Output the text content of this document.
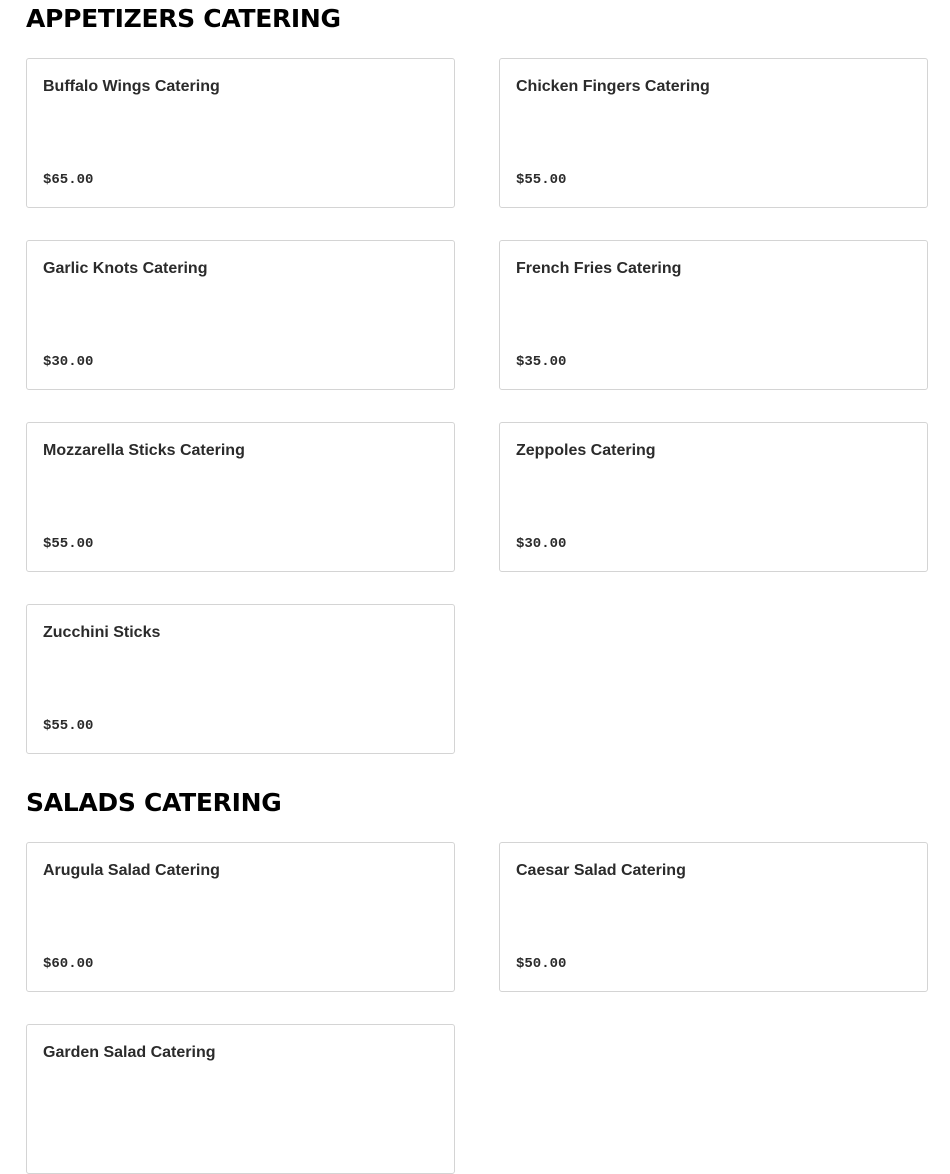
APPETIZERS CATERING
Buffalo Wings Catering
$65.00
Chicken Fingers Catering
$55.00
Garlic Knots Catering
$30.00
French Fries Catering
$35.00
Mozzarella Sticks Catering
$55.00
Zeppoles Catering
$30.00
Zucchini Sticks
$55.00
SALADS CATERING
Arugula Salad Catering
$60.00
Caesar Salad Catering
$50.00
Garden Salad Catering
